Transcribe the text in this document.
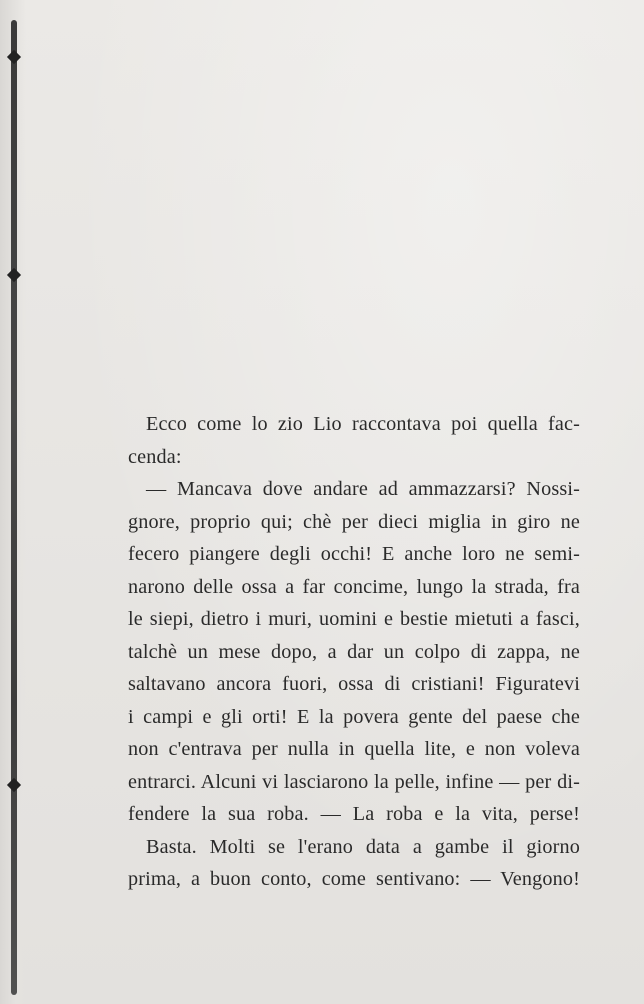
Ecco come lo zio Lio raccontava poi quella fac-
cenda:
— Mancava dove andare ad ammazzarsi? Nossi-
gnore, proprio qui; chè per dieci miglia in giro ne
fecero piangere degli occhi! E anche loro ne semi-
narono delle ossa a far concime, lungo la strada, fra
le siepi, dietro i muri, uomini e bestie mietuti a fasci,
talchè un mese dopo, a dar un colpo di zappa, ne
saltavano ancora fuori, ossa di cristiani! Figuratevi
i campi e gli orti! E la povera gente del paese che
non c'entrava per nulla in quella lite, e non voleva
entrarci. Alcuni vi lasciarono la pelle, infine — per di-
fendere la sua roba. — La roba e la vita, perse!
Basta. Molti se l'erano data a gambe il giorno
prima, a buon conto, come sentivano: — Vengono!
